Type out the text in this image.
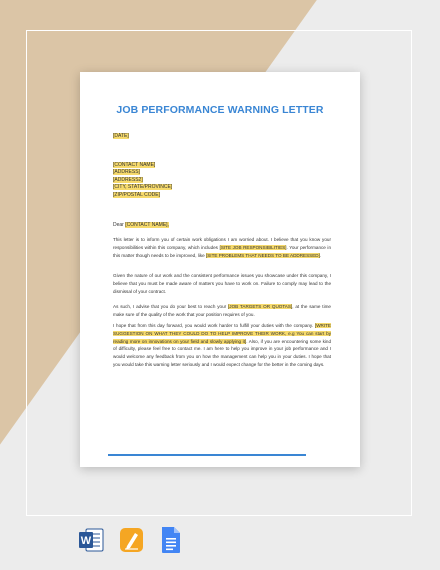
JOB PERFORMANCE WARNING LETTER
[DATE]
[CONTACT NAME]
[ADDRESS]
[ADDRESS2]
[CITY, STATE/PROVINCE]
[ZIP/POSTAL CODE]
Dear [CONTACT NAME],
This letter is to inform you of certain work obligations I am worried about. I believe that you know your responsibilities within this company, which includes [SITE JOB RESPONSIBILITIES]. Your performance in this matter though needs to be improved, like [SITE PROBLEMS THAT NEEDS TO BE ADDRESSED].
Given the nature of our work and the consistent performance issues you showcase under this company, I believe that you must be made aware of matters you have to work on. Failure to comply may lead to the dismissal of your contract.
As such, I advise that you do your best to reach your [JOB TARGETS OR QUOTAS], at the same time make sure of the quality of the work that your position requires of you.
I hope that from this day forward, you would work harder to fulfill your duties with the company. [WRITE SUGGESTION ON WHAT THEY COULD DO TO HELP IMPROVE THEIR WORK, e.g You can start by reading more on innovations on your field and slowly applying it]. Also, if you are encountering some kind of difficulty, please feel free to contact me. I am here to help you improve in your job performance and I would welcome any feedback from you on how the management can help you in your duties. I hope that you would take this warning letter seriously and I would expect change for the better in the coming days.
W
